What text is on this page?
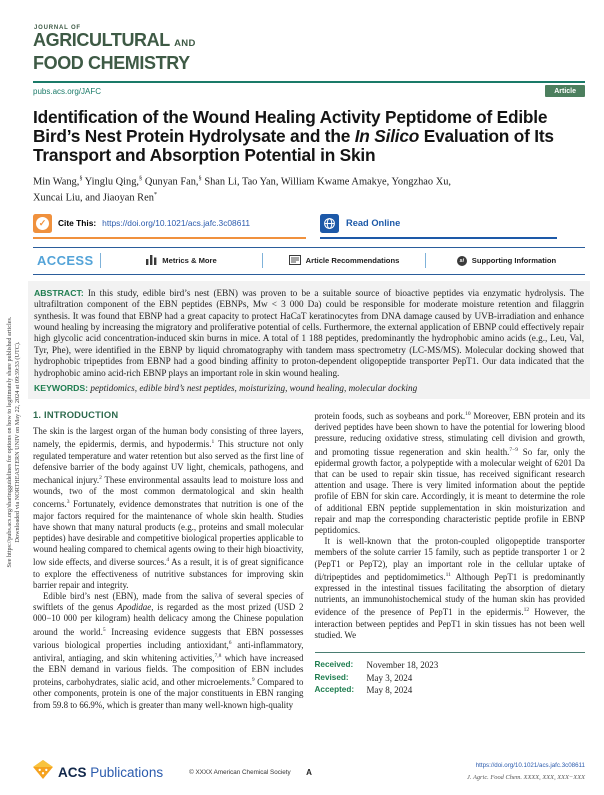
See https://pubs.acs.org/sharingguidelines for options on how to legitimately share published articles. Downloaded via NORTHEASTERN UNIV on May 22, 2024 at 09:39:33 (UTC).
JOURNAL OF
AGRICULTURAL AND
FOOD CHEMISTRY
pubs.acs.org/JAFC	Article
Identification of the Wound Healing Activity Peptidome of Edible
Bird’s Nest Protein Hydrolysate and the In Silico Evaluation of Its
Transport and Absorption Potential in Skin
Min Wang,§ Yinglu Qing,§ Qunyan Fan,§ Shan Li, Tao Yan, William Kwame Amakye, Yongzhao Xu,
Xuncai Liu, and Jiaoyan Ren*
✓	Cite This: https://doi.org/10.1021/acs.jafc.3c08611	Read Online
ACCESS	Metrics & More	Article Recommendations	si	Supporting Information

ABSTRACT: In this study, edible bird’s nest (EBN) was proven to be a suitable source of bioactive peptides via enzymatic hydrolysis. The ultrafiltration component of the EBN peptides (EBNPs, Mw < 3 000 Da) could be responsible for moderate moisture retention and filaggrin synthesis. It was found that EBNP had a great capacity to protect HaCaT keratinocytes from DNA damage caused by UVB-irradiation and enhance wound healing by increasing the migratory and proliferative potential of cells. Furthermore, the external application of EBNP could effectively repair high glycolic acid concentration-induced skin burns in mice. A total of 1 188 peptides, predominantly the hydrophobic amino acids (e.g., Leu, Val, Tyr, Phe), were identified in the EBNP by liquid chromatography with tandem mass spectrometry (LC-MS/MS). Molecular docking showed that hydrophobic tripeptides from EBNP had a good binding affinity to proton-dependent oligopeptide transporter PepT1. Our data indicated that the hydrophobic amino acid-rich EBNP plays an important role in skin wound healing.

KEYWORDS: peptidomics, edible bird’s nest peptides, moisturizing, wound healing, molecular docking

1. INTRODUCTION

The skin is the largest organ of the human body consisting of three layers, namely, the epidermis, dermis, and hypodermis.$^1$ This structure not only regulated temperature and water retention but also served as the first line of defensive barrier of the body against UV light, chemicals, pathogens, and mechanical injury.$^2$ These environmental assaults lead to moisture loss and wounds, two of the most common dermatological and skin health concerns.$^3$ Fortunately, evidence demonstrates that nutrition is one of the major factors required for the maintenance of whole skin health. Studies have shown that many natural products (e.g., proteins and small molecular peptides) have desirable and competitive biological properties applicable to wound healing compared to chemical agents owing to their high bioactivity, low side effects, and diverse sources.$^4$ As a result, it is of great significance to explore the effectiveness of nutritive substances for improving skin barrier repair and integrity.

Edible bird’s nest (EBN), made from the saliva of several species of swiftlets of the genus Apodidae, is regarded as the most prized (USD 2 000−10 000 per kilogram) health delicacy among the Chinese population around the world.$^5$ Increasing evidence suggests that EBN possesses various biological properties including antioxidant,$^6$ anti-inflammatory, antiviral, antiaging, and skin whitening activities,$^{7,8}$ which have increased the EBN demand in various fields. The composition of EBN includes proteins, carbohydrates, sialic acid, and other microelements.$^9$ Compared to other components, protein is one of the major constituents in EBN ranging from 59.8 to 66.9%, which is greater than many well-known high-quality

protein foods, such as soybeans and pork.$^{10}$ Moreover, EBN protein and its derived peptides have been shown to have the potential for lowering blood pressure, reducing oxidative stress, stimulating cell division and growth, and promoting tissue regeneration and skin health.$^{7-9}$ So far, only the epidermal growth factor, a polypeptide with a molecular weight of 6201 Da that can be used to repair skin tissue, has received significant research attention and usage. There is very limited information about the peptide profile of EBN for skin care. Accordingly, it is meant to determine the role of additional EBN peptide supplementation in skin moisturization and repair and map the corresponding characteristic peptide profile in EBNP peptidomics.

It is well-known that the proton-coupled oligopeptide transporter members of the solute carrier 15 family, such as peptide transporter 1 or 2 (PepT1 or PepT2), play an important role in the cellular uptake of di/tripeptides and peptidomimetics.$^{11}$ Although PepT1 is predominantly expressed in the intestinal tissues facilitating the absorption of dietary nutrients, an immunohistochemical study of the human skin has provided evidence of the presence of PepT1 in the epidermis.$^{12}$ However, the interaction between peptides and PepT1 in skin tissues has not been well studied. We

Received:	November 18, 2023
Revised:	May 3, 2024
Accepted:	May 8, 2024
ACS Publications	© XXXX American Chemical Society A
https://doi.org/10.1021/acs.jafc.3c08611
J. Agric. Food Chem. XXXX, XXX, XXX−XXX
